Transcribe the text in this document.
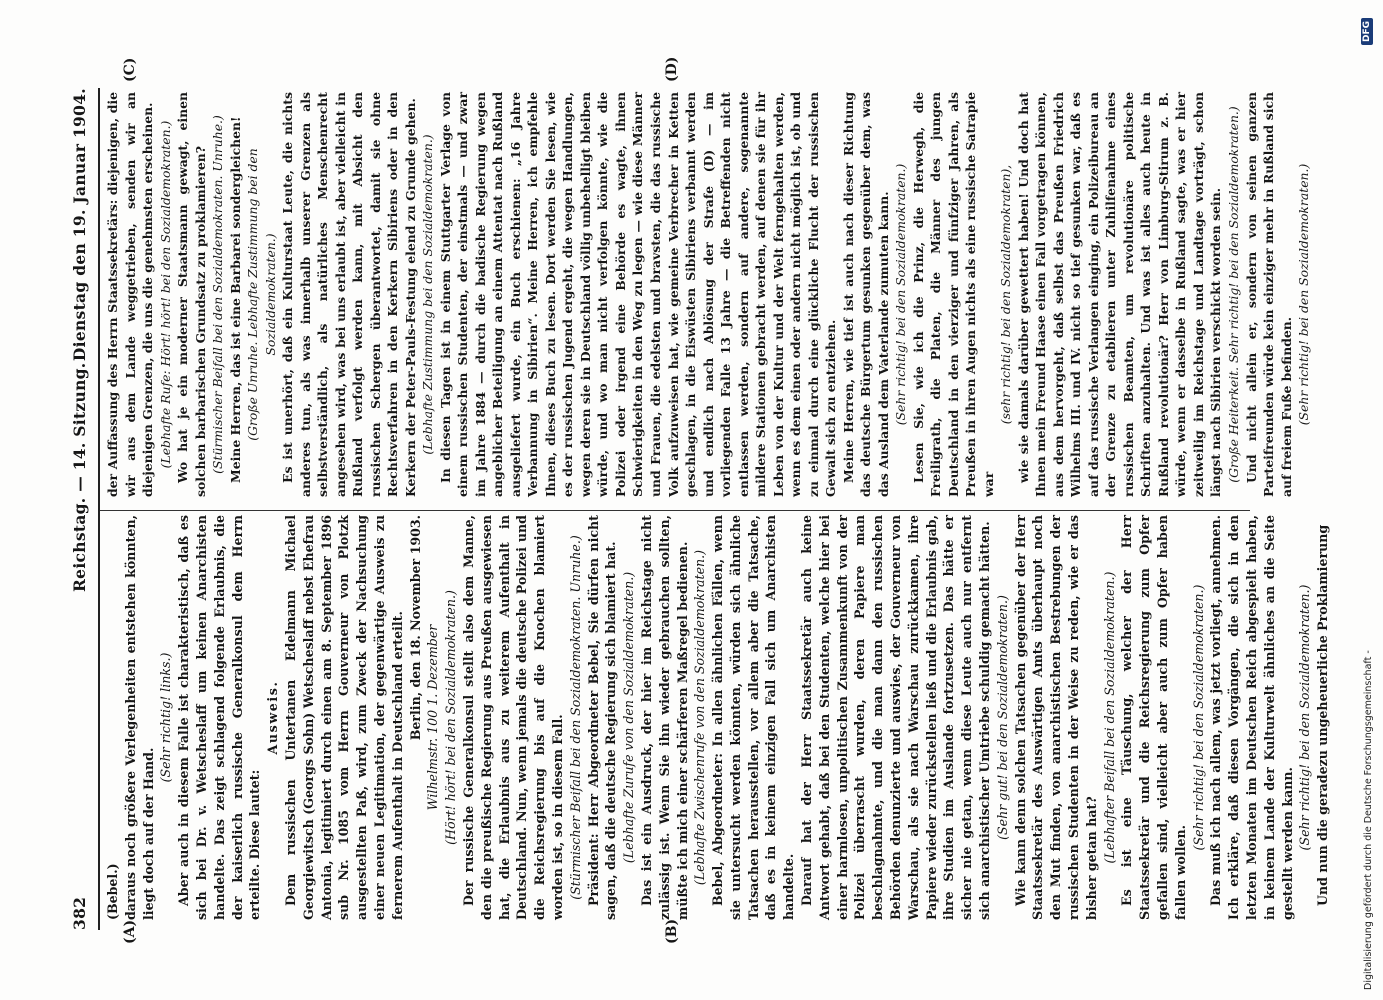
382
Reichstag. — 14. Sitzung.
Dienstag den 19. Januar 1904.
(A)	(B)
(C)	(D)

(Bebel.) daraus noch größere Verlegenheiten entstehen könnten, liegt doch auf der Hand.

(Sehr richtig! links.) Aber auch in diesem Falle ist charakteristisch, daß es sich bei Dr. v. Wetscheslaff um keinen Anarchisten handelte. Das zeigt schlagend folgende Erlaubnis, die der kaiserlich russische Generalkonsul dem Herrn erteilte. Diese lautet:

Ausweis. Dem russischen Untertanen Edelmann Michael Georgiewitsch (Georgs Sohn) Wetscheslaff nebst Ehefrau Antonia, legitimiert durch einen am 8. September 1896 sub Nr. 1085 vom Herrn Gouverneur von Plotzk ausgestellten Paß, wird, zum Zweck der Nachsuchung einer neuen Legitimation, der gegenwärtige Ausweis zu fernerem Aufenthalt in Deutschland erteilt. Berlin, den 18. November 1903. Wilhelmstr. 100 1. Dezember (Hört! hört! bei den Sozialdemokraten.) Der russische Generalkonsul stellt also dem Manne, den die preußische Regierung aus Preußen ausgewiesen hat, die Erlaubnis aus zu weiterem Aufenthalt in Deutschland. Nun, wenn jemals die deutsche Polizei und die Reichsregierung bis auf die Knochen blamiert worden ist, so in diesem Fall. (Stürmischer Beifall bei den Sozialdemokraten. Unruhe.) Präsident: Herr Abgeordneter Bebel, Sie dürfen nicht sagen, daß die deutsche Regierung sich blamiert hat. (Lebhafte Zurufe von den Sozialdemokraten.) Das ist ein Ausdruck, der hier im Reichstage nicht zulässig ist. Wenn Sie ihn wieder gebrauchen sollten, müßte ich mich einer schärferen Maßregel bedienen. (Lebhafte Zwischenrufe von den Sozialdemokraten.) Bebel, Abgeordneter: In allen ähnlichen Fällen, wenn sie untersucht werden könnten, würden sich ähnliche Tatsachen herausstellen, vor allem aber die Tatsache, daß es in keinem einzigen Fall sich um Anarchisten handelte. Darauf hat der Herr Staatssekretär auch keine Antwort gehabt, daß bei den Studenten, welche hier bei einer harmlosen, unpolitischen Zusammenkunft von der Polizei überrascht wurden, deren Papiere man beschlagnahmte, und die man dann den russischen Behörden denunzierte und auswies, der Gouverneur von Warschau, als sie nach Warschau zurückkamen, ihre Papiere wieder zurückstellen ließ und die Erlaubnis gab, ihre Studien im Auslande fortzusetzen. Das hätte er sicher nie getan, wenn diese Leute auch nur entfernt sich anarchistischer Umtriebe schuldig gemacht hätten. (Sehr gut! bei den Sozialdemokraten.) Wie kann denn solchen Tatsachen gegenüber der Herr Staatssekretär des Auswärtigen Amts überhaupt noch den Mut finden, von anarchistischen Bestrebungen der russischen Studenten in der Weise zu reden, wie er das bisher getan hat? (Lebhafter Beifall bei den Sozialdemokraten.) Es ist eine Täuschung, welcher der Herr Staatssekretär und die Reichsregierung zum Opfer gefallen sind, vielleicht aber auch zum Opfer haben fallen wollen.

(Sehr richtig! bei den Sozialdemokraten.) Das muß ich nach allem, was jetzt vorliegt, annehmen. Ich erkläre, daß diesen Vorgängen, die sich in den letzten Monaten im Deutschen Reich abgespielt haben, in keinem Lande der Kulturwelt ähnliches an die Seite gestellt werden kann. (Sehr richtig! bei den Sozialdemokraten.) Und nun die geradezu ungeheuerliche Proklamierung

der Auffassung des Herrn Staatssekretärs: diejenigen, die wir aus dem Lande weggetrieben, senden wir an diejenigen Grenzen, die uns die genehmsten erscheinen. (Lebhafte Rufe: Hört! hört! bei den Sozialdemokraten.) Wo hat je ein moderner Staatsmann gewagt, einen solchen barbarischen Grundsatz zu proklamieren? (Stürmischer Beifall bei den Sozialdemokraten. Unruhe.) Meine Herren, das ist eine Barbarei sondergleichen! (Große Unruhe. Lebhafte Zustimmung bei den Sozialdemokraten.) Es ist unerhört, daß ein Kulturstaat Leute, die nichts anderes tun, als was innerhalb unserer Grenzen als selbstverständlich, als natürliches Menschenrecht angesehen wird, was bei uns erlaubt ist, aber vielleicht in Rußland verfolgt werden kann, mit Absicht den russischen Schergen überantwortet, damit sie ohne Rechtsverfahren in den Kerkern Sibiriens oder in den Kerkern der Peter-Pauls-Festung elend zu Grunde gehen. (Lebhafte Zustimmung bei den Sozialdemokraten.) In diesen Tagen ist in einem Stuttgarter Verlage von einem russischen Studenten, der einstmals — und zwar im Jahre 1884 — durch die badische Regierung wegen angeblicher Beteiligung an einem Attentat nach Rußland ausgeliefert wurde, ein Buch erschienen: „16 Jahre Verbannung in Sibirien“. Meine Herren, ich empfehle Ihnen, dieses Buch zu lesen. Dort werden Sie lesen, wie es der russischen Jugend ergeht, die wegen Handlungen, wegen deren sie in Deutschland völlig unbehelligt bleiben würde, und wo man nicht verfolgen könnte, wie die Polizei oder irgend eine Behörde es wagte, ihnen Schwierigkeiten in den Weg zu legen — wie diese Männer und Frauen, die edelsten und bravsten, die das russische Volk aufzuweisen hat, wie gemeine Verbrecher in Ketten geschlagen, in die Eiswüsten Sibiriens verbannt werden und endlich nach Ablösung der Strafe (D) — im vorliegenden Falle 13 Jahre — die Betreffenden nicht entlassen werden, sondern auf andere, sogenannte mildere Stationen gebracht werden, auf denen sie für ihr Leben von der Kultur und der Welt ferngehalten werden, wenn es dem einen oder andern nicht möglich ist, ob und zu einmal durch eine glückliche Flucht der russischen Gewalt sich zu entziehen. Meine Herren, wie tief ist auch nach dieser Richtung das deutsche Bürgertum gesunken gegenüber dem, was das Ausland dem Vaterlande zumuten kann. (Sehr richtig! bei den Sozialdemokraten.) Lesen Sie, wie ich die Prinz, die Herwegh, die Freiligrath, die Platen, die Männer des jungen Deutschland in den vierziger und fünfziger Jahren, als Preußen in ihren Augen nichts als eine russische Satrapie war

(sehr richtig! bei den Sozialdemokraten), wie sie damals darüber gewettert haben! Und doch hat Ihnen mein Freund Haase einen Fall vorgetragen können, aus dem hervorgeht, daß selbst das Preußen Friedrich Wilhelms III. und IV. nicht so tief gesunken war, daß es auf das russische Verlangen einging, ein Polizeibureau an der Grenze zu etablieren unter Zuhilfenahme eines russischen Beamten, um revolutionäre politische Schriften anzuhalten. Und was ist alles auch heute in Rußland revolutionär? Herr von Limburg-Stirum z. B. würde, wenn er dasselbe in Rußland sagte, was er hier zeitweilig im Reichstage und Landtage vorträgt, schon längst nach Sibirien verschickt worden sein. (Große Heiterkeit. Sehr richtig! bei den Sozialdemokraten.) Und nicht allein er, sondern von seinen ganzen Parteifreunden würde kein einziger mehr in Rußland sich auf freiem Fuße befinden. (Sehr richtig! bei den Sozialdemokraten.)

Digitalisierung gefördert durch die Deutsche Forschungsgemeinschaft -
DFG
